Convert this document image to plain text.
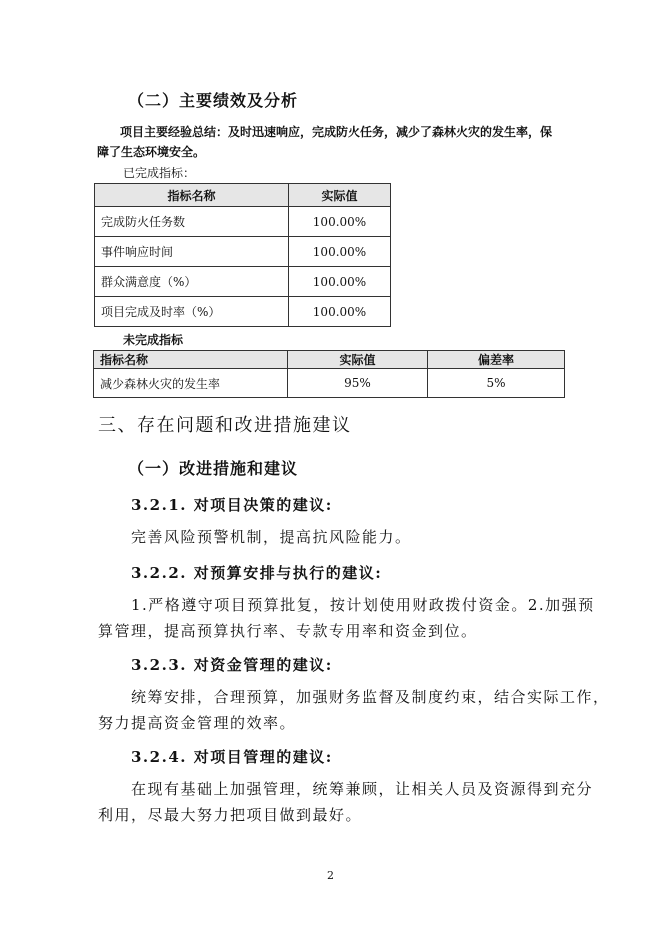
（二）主要绩效及分析
项目主要经验总结：及时迅速响应，完成防火任务，减少了森林火灾的发生率，保
障了生态环境安全。
已完成指标：
指标名称	实际值
完成防火任务数	100.00%
事件响应时间	100.00%
群众满意度（%）	100.00%
项目完成及时率（%）	100.00%
未完成指标
指标名称	实际值	偏差率
减少森林火灾的发生率	95%	5%
三、存在问题和改进措施建议
（一）改进措施和建议
3.2.1. 对项目决策的建议:
完善风险预警机制，提高抗风险能力。
3.2.2. 对预算安排与执行的建议:
1.严格遵守项目预算批复，按计划使用财政拨付资金。2.加强预
算管理，提高预算执行率、专款专用率和资金到位。
3.2.3. 对资金管理的建议:
统筹安排，合理预算，加强财务监督及制度约束，结合实际工作，
努力提高资金管理的效率。
3.2.4. 对项目管理的建议:
在现有基础上加强管理，统筹兼顾，让相关人员及资源得到充分
利用，尽最大努力把项目做到最好。
2
